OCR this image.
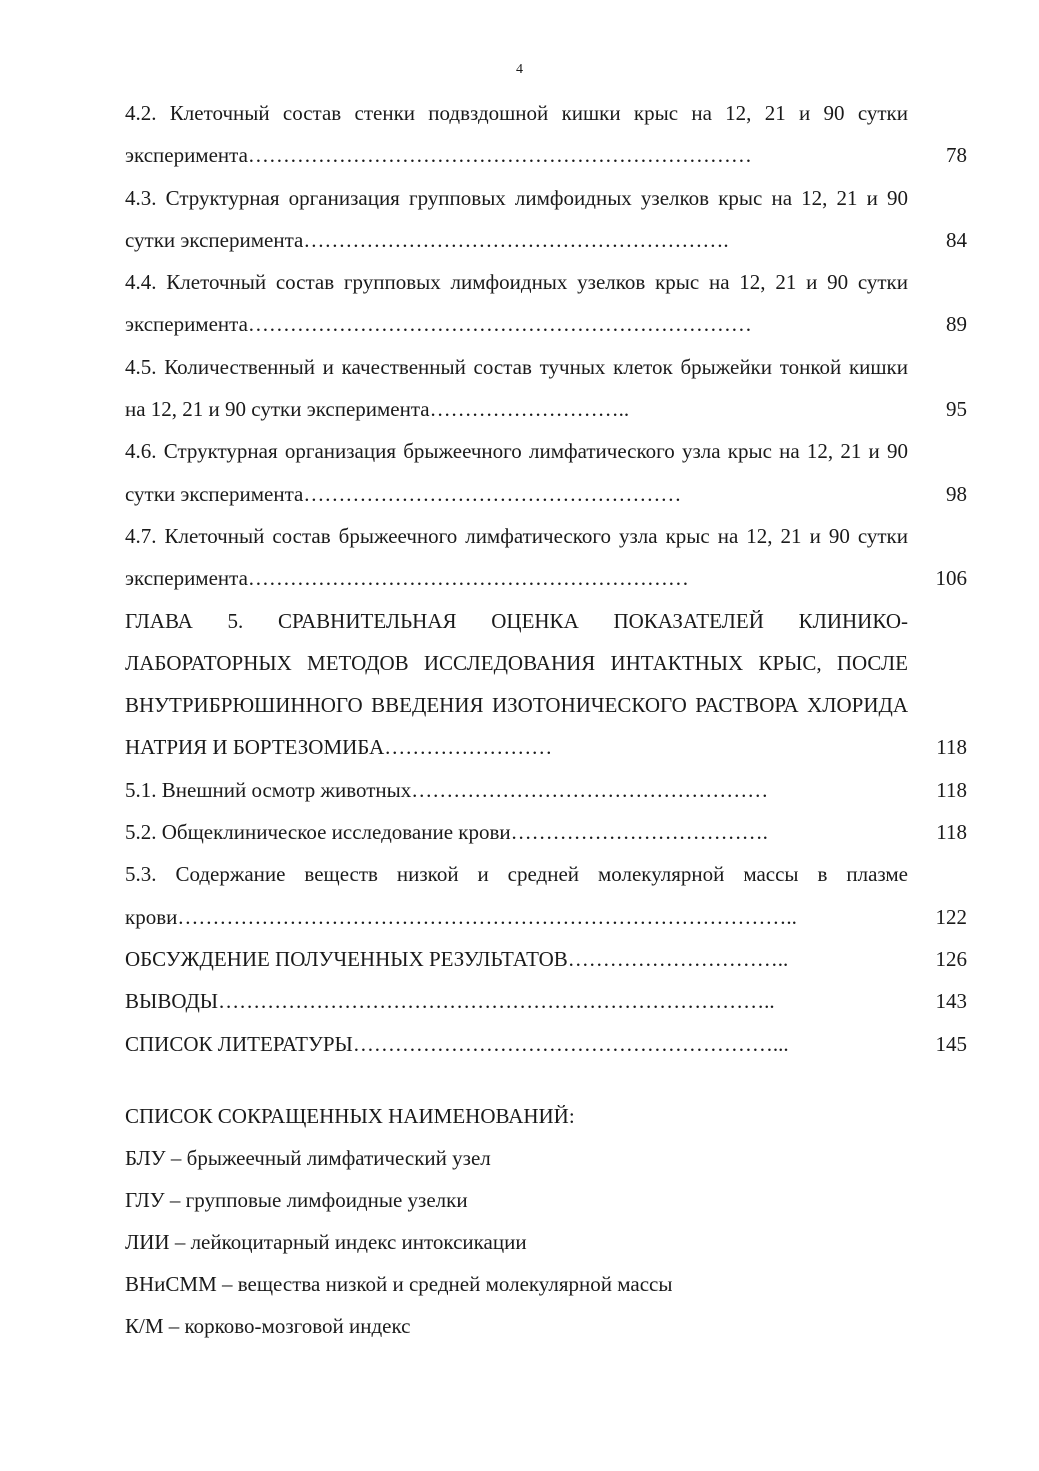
4
4.2. Клеточный состав стенки подвздошной кишки крыс на 12, 21 и 90 сутки эксперимента………………………………………………………………	78
4.3. Структурная организация групповых лимфоидных узелков крыс на 12, 21 и 90 сутки эксперимента…………………………………………………….	84
4.4. Клеточный состав групповых лимфоидных узелков крыс на 12, 21 и 90 сутки эксперимента………………………………………………………………	89
4.5. Количественный и качественный состав тучных клеток брыжейки тонкой кишки на 12, 21 и 90 сутки эксперимента………………………..	95
4.6. Структурная организация брыжеечного лимфатического узла крыс на 12, 21 и 90 сутки эксперимента………………………………………………	98
4.7. Клеточный состав брыжеечного лимфатического узла крыс на 12, 21 и 90 сутки эксперимента………………………………………………………	106
ГЛАВА 5. СРАВНИТЕЛЬНАЯ ОЦЕНКА ПОКАЗАТЕЛЕЙ КЛИНИКО-ЛАБОРАТОРНЫХ МЕТОДОВ ИССЛЕДОВАНИЯ ИНТАКТНЫХ КРЫС, ПОСЛЕ ВНУТРИБРЮШИННОГО ВВЕДЕНИЯ ИЗОТОНИЧЕСКОГО РАСТВОРА ХЛОРИДА НАТРИЯ И БОРТЕЗОМИБА……………………	118
5.1. Внешний осмотр животных……………………………………………	118
5.2. Общеклиническое исследование крови……………………………….	118
5.3. Содержание веществ низкой и средней молекулярной массы в плазме крови……………………………………………………………………………..	122
ОБСУЖДЕНИЕ ПОЛУЧЕННЫХ РЕЗУЛЬТАТОВ…………………………..	126
ВЫВОДЫ……………………………………………………………………..	143
СПИСОК ЛИТЕРАТУРЫ……………………………………………………...	145
СПИСОК СОКРАЩЕННЫХ НАИМЕНОВАНИЙ:
БЛУ – брыжеечный лимфатический узел
ГЛУ – групповые лимфоидные узелки
ЛИИ – лейкоцитарный индекс интоксикации
ВНиСММ – вещества низкой и средней молекулярной массы
К/М – корково-мозговой индекс
